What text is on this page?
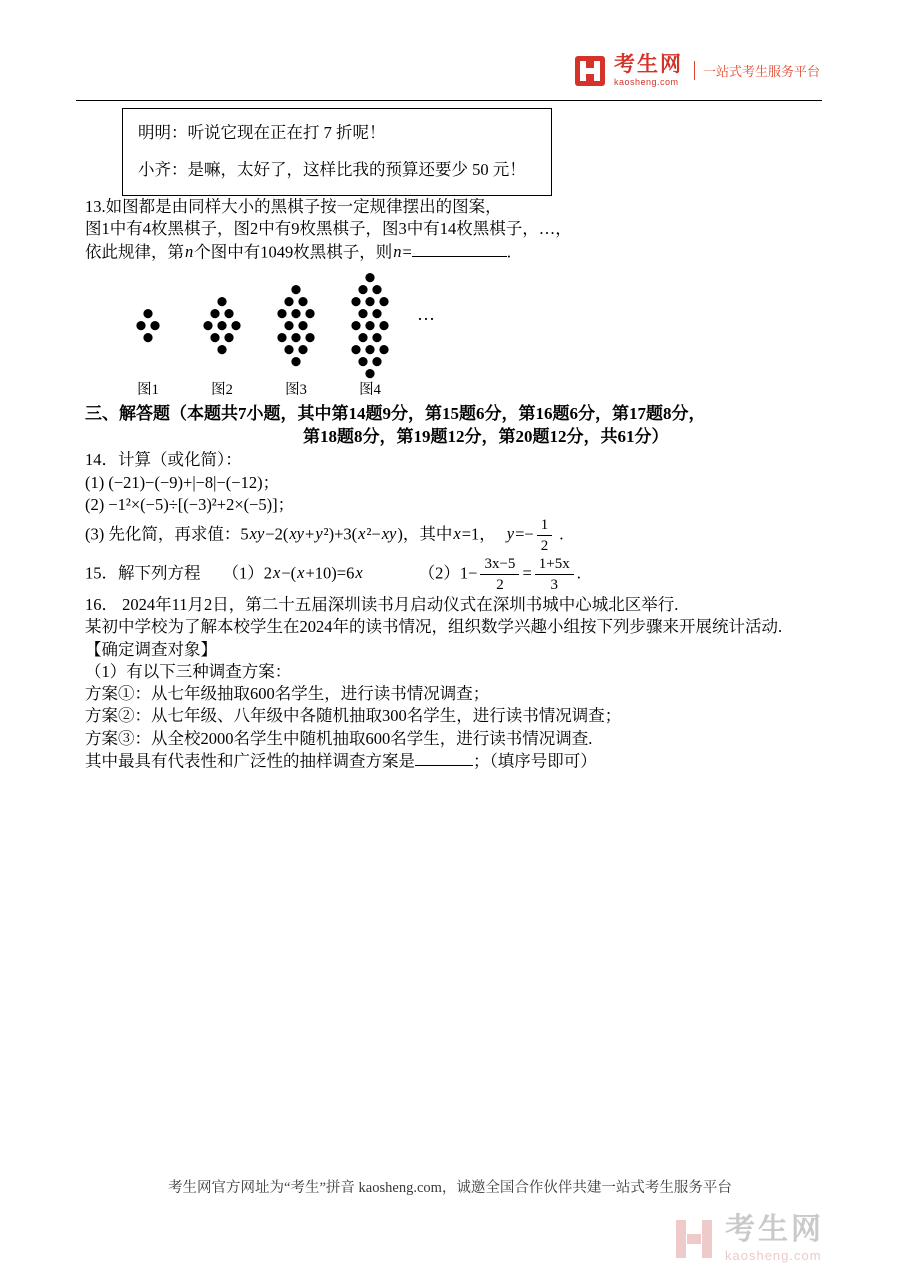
考生网
kaosheng.com
一站式考生服务平台

明明：听说它现在正在打 7 折呢！

小齐：是嘛，太好了，这样比我的预算还要少 50 元！

13.如图都是由同样大小的黑棋子按一定规律摆出的图案，

图1中有4枚黑棋子，图2中有9枚黑棋子，图3中有14枚黑棋子，…，

依此规律，第n个图中有1049枚黑棋子，则n=	.

图1	图2	图3	图4
…

三、解答题（本题共7小题，其中第14题9分，第15题6分，第16题6分，第17题8分，

第18题8分，第19题12分，第20题12分，共61分）

14．计算（或化简）：

(1) (−21)−(−9)+|−8|−(−12)；

(2) −1²×(−5)÷[(−3)²+2×(−5)]；

(3) 先化简，再求值：5xy−2(xy+y²)+3(x²−xy)，其中x=1， $y=- \frac{1}{2}$ .

15．解下列方程 （1）2x−(x+10)=6x	$(2)1- \frac{3x-5}{2} = \frac{1+5x}{3}$ .

16． 2024年11月2日，第二十五届深圳读书月启动仪式在深圳书城中心城北区举行.

某初中学校为了解本校学生在2024年的读书情况，组织数学兴趣小组按下列步骤来开展统计活动.

【确定调查对象】

（1）有以下三种调查方案：

方案①：从七年级抽取600名学生，进行读书情况调查；

方案②：从七年级、八年级中各随机抽取300名学生，进行读书情况调查；

方案③：从全校2000名学生中随机抽取600名学生，进行读书情况调查.

其中最具有代表性和广泛性的抽样调查方案是	；（填序号即可）

考生网官方网址为“考生”拼音 kaosheng.com，诚邀全国合作伙伴共建一站式考生服务平台
考生网
kaosheng.com
